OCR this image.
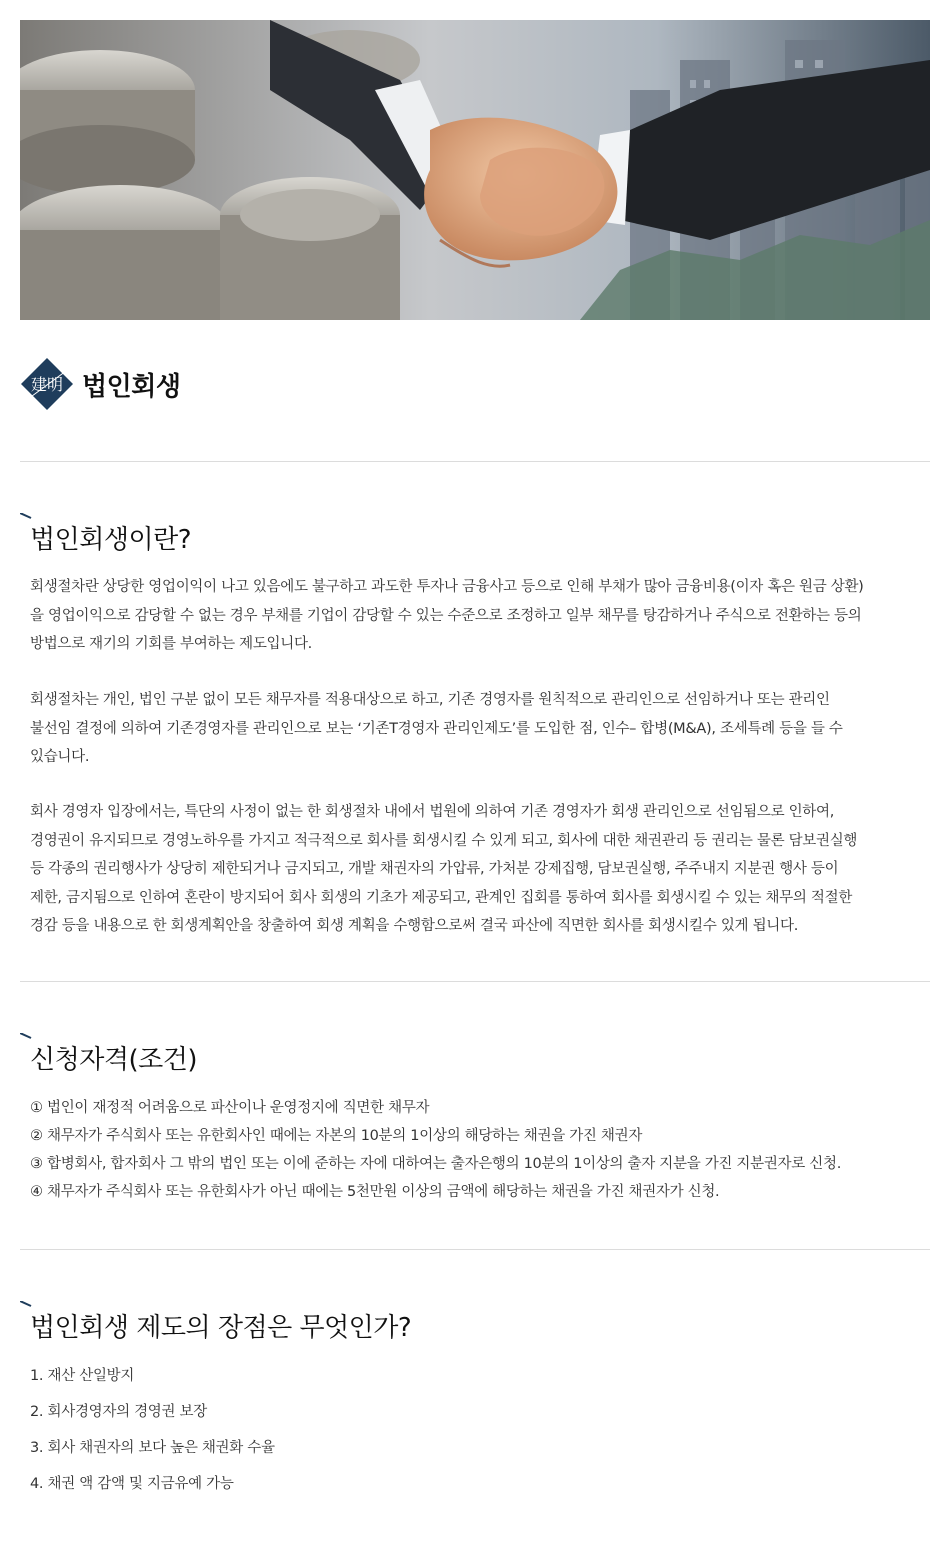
建明 법인회생
법인회생이란?
회생절차란 상당한 영업이익이 나고 있음에도 불구하고 과도한 투자나 금융사고 등으로 인해 부채가 많아 금융비용(이자 혹은 원금 상환)
을 영업이익으로 감당할 수 없는 경우 부채를 기업이 감당할 수 있는 수준으로 조정하고 일부 채무를 탕감하거나 주식으로 전환하는 등의
방법으로 재기의 기회를 부여하는 제도입니다.
회생절차는 개인, 법인 구분 없이 모든 채무자를 적용대상으로 하고, 기존 경영자를 원칙적으로 관리인으로 선임하거나 또는 관리인
불선임 결정에 의하여 기존경영자를 관리인으로 보는 ‘기존T경영자 관리인제도’를 도입한 점, 인수– 합병(M&A), 조세특례 등을 들 수
있습니다.
회사 경영자 입장에서는, 특단의 사정이 없는 한 회생절차 내에서 법원에 의하여 기존 경영자가 회생 관리인으로 선임됨으로 인하여,
경영권이 유지되므로 경영노하우를 가지고 적극적으로 회사를 회생시킬 수 있게 되고, 회사에 대한 채권관리 등 권리는 물론 담보권실행
등 각종의 권리행사가 상당히 제한되거나 금지되고, 개발 채권자의 가압류, 가처분 강제집행, 담보권실행, 주주내지 지분권 행사 등이
제한, 금지됨으로 인하여 혼란이 방지되어 회사 회생의 기초가 제공되고, 관계인 집회를 통하여 회사를 회생시킬 수 있는 채무의 적절한
경감 등을 내용으로 한 회생계획안을 창출하여 회생 계획을 수행함으로써 결국 파산에 직면한 회사를 회생시킬수 있게 됩니다.
신청자격(조건)
① 법인이 재정적 어려움으로 파산이나 운영정지에 직면한 채무자
② 채무자가 주식회사 또는 유한회사인 때에는 자본의 10분의 1이상의 해당하는 채권을 가진 채권자
③ 합병회사, 합자회사 그 밖의 법인 또는 이에 준하는 자에 대하여는 출자은행의 10분의 1이상의 출자 지분을 가진 지분권자로 신청.
④ 채무자가 주식회사 또는 유한회사가 아닌 때에는 5천만원 이상의 금액에 해당하는 채권을 가진 채권자가 신청.
법인회생 제도의 장점은 무엇인가?
1. 재산 산일방지
2. 회사경영자의 경영권 보장
3. 회사 채권자의 보다 높은 채권화 수율
4. 채권 액 감액 및 지금유예 가능
